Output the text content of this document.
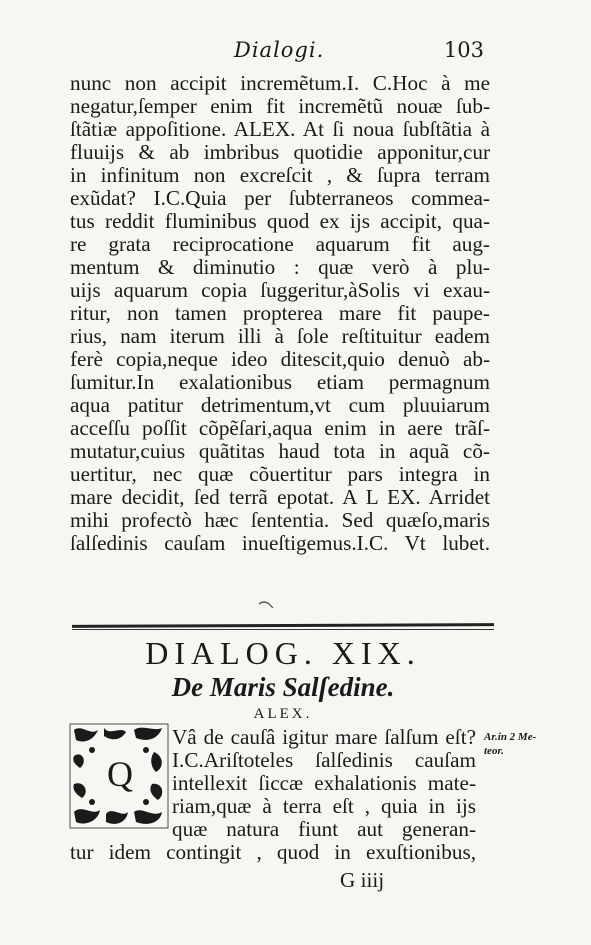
Dialogi.	103
nunc non accipit incremẽtum.I. C.Hoc à me
negatur,ſemper enim fit incremẽtũ nouæ ſub-
ſtãtiæ appoſitione. ALEX. At ſi noua ſubſtãtia à
fluuijs & ab imbribus quotidie apponitur,cur
in infinitum non excreſcit , & ſupra terram
exũdat? I.C.Quia per ſubterraneos commea-
tus reddit fluminibus quod ex ijs accipit, qua-
re grata reciprocatione aquarum fit aug-
mentum & diminutio : quæ verò à plu-
uijs aquarum copia ſuggeritur,àSolis vi exau-
ritur, non tamen propterea mare fit paupe-
rius, nam iterum illi à ſole reſtituitur eadem
ferè copia,neque ideo ditescit,quio denuò ab-
ſumitur.In exalationibus etiam permagnum
aqua patitur detrimentum,vt cum pluuiarum
acceſſu poſſit cõpẽſari,aqua enim in aere trãſ-
mutatur,cuius quãtitas haud tota in aquã cõ-
uertitur, nec quæ cõuertitur pars integra in
mare decidit, ſed terrã epotat. A L EX. Arridet
mihi profectò hæc ſententia. Sed quæſo,maris
ſalſedinis cauſam inueſtigemus.I.C. Vt lubet.
DIALOG. XIX.
De Maris Salſedine.
ALEX.
Q
Vâ de cauſâ igitur mare ſalſum eſt?
I.C.Ariſtoteles ſalſedinis cauſam
intellexit ſiccæ exhalationis mate-
riam,quæ à terra eſt , quia in ijs
quæ natura fiunt aut generan-
tur idem contingit , quod in exuſtionibus,
Ar.in 2 Me-
teor.
G iiij
